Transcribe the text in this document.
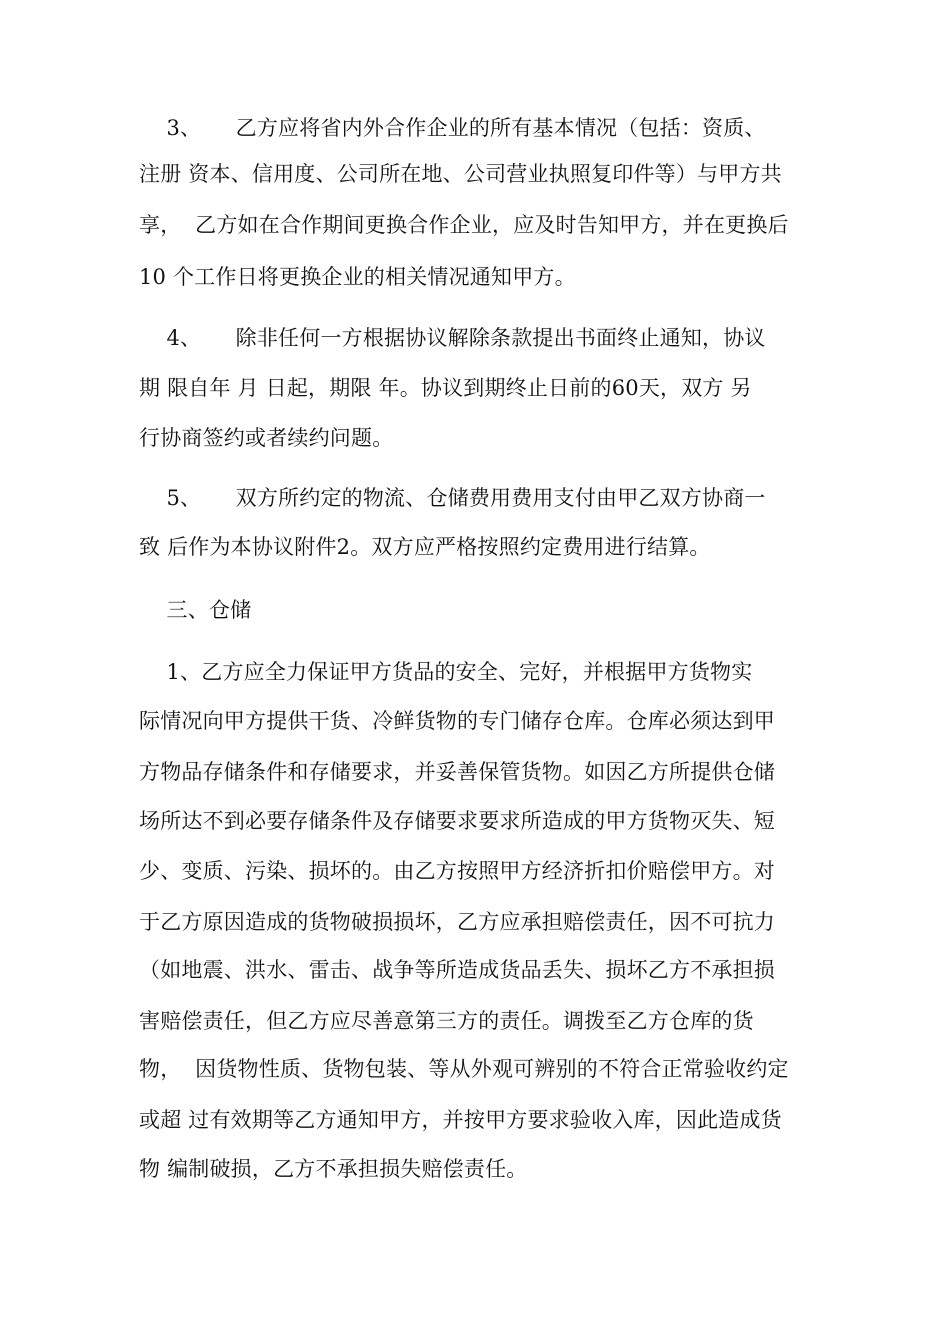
3、     乙方应将省内外合作企业的所有基本情况（包括：资质、
注册 资本、信用度、公司所在地、公司营业执照复印件等）与甲方共
享，  乙方如在合作期间更换合作企业，应及时告知甲方，并在更换后
10 个工作日将更换企业的相关情况通知甲方。
4、     除非任何一方根据协议解除条款提出书面终止通知，协议
期 限自年 月 日起，期限 年。协议到期终止日前的60天，双方 另
行协商签约或者续约问题。
5、     双方所约定的物流、仓储费用费用支付由甲乙双方协商一
致 后作为本协议附件2。双方应严格按照约定费用进行结算。
三、仓储
1、乙方应全力保证甲方货品的安全、完好，并根据甲方货物实
际情况向甲方提供干货、冷鲜货物的专门储存仓库。仓库必须达到甲
方物品存储条件和存储要求，并妥善保管货物。如因乙方所提供仓储
场所达不到必要存储条件及存储要求要求所造成的甲方货物灭失、短
少、变质、污染、损坏的。由乙方按照甲方经济折扣价赔偿甲方。对
于乙方原因造成的货物破损损坏，乙方应承担赔偿责任，因不可抗力
（如地震、洪水、雷击、战争等所造成货品丢失、损坏乙方不承担损
害赔偿责任，但乙方应尽善意第三方的责任。调拨至乙方仓库的货
物，  因货物性质、货物包装、等从外观可辨别的不符合正常验收约定
或超 过有效期等乙方通知甲方，并按甲方要求验收入库，因此造成货
物 编制破损，乙方不承担损失赔偿责任。
